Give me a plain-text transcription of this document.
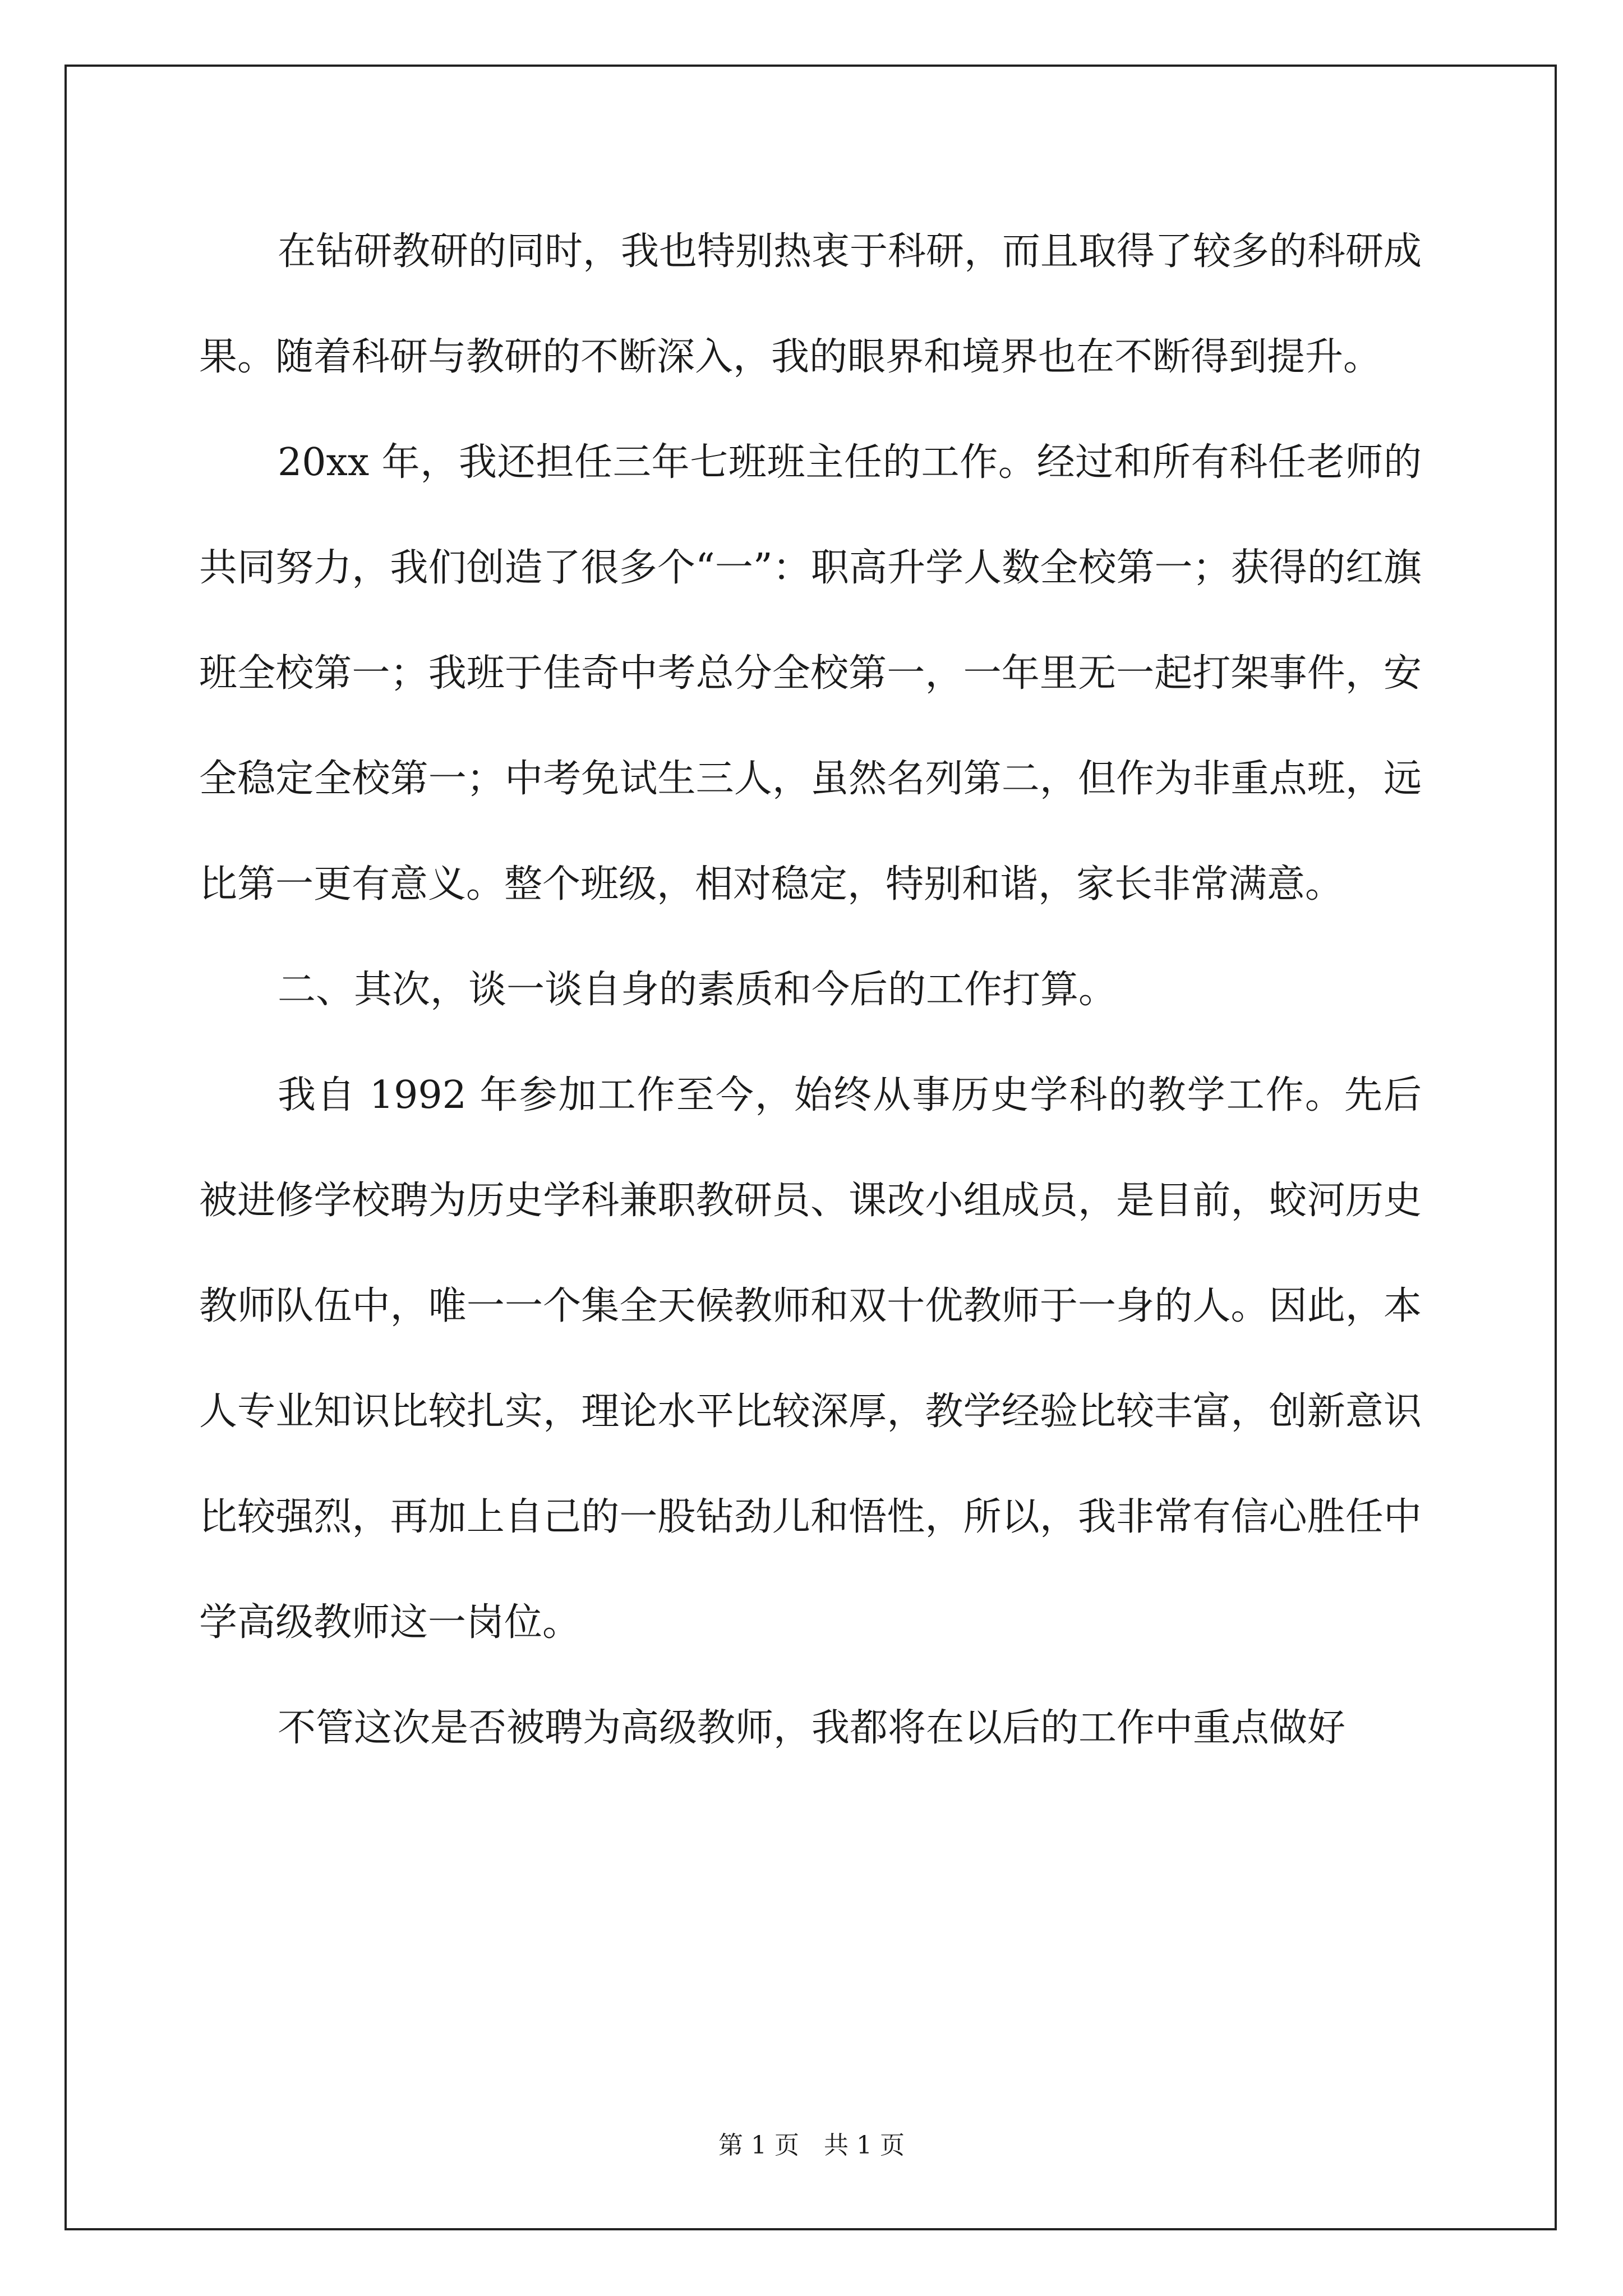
在钻研教研的同时，我也特别热衷于科研，而且取得了较多的科研成果。随着科研与教研的不断深入，我的眼界和境界也在不断得到提升。

20xx 年，我还担任三年七班班主任的工作。经过和所有科任老师的共同努力，我们创造了很多个“一”：职高升学人数全校第一；获得的红旗班全校第一；我班于佳奇中考总分全校第一，一年里无一起打架事件，安全稳定全校第一；中考免试生三人，虽然名列第二，但作为非重点班，远比第一更有意义。整个班级，相对稳定，特别和谐，家长非常满意。

二、其次，谈一谈自身的素质和今后的工作打算。

我自 1992 年参加工作至今，始终从事历史学科的教学工作。先后被进修学校聘为历史学科兼职教研员、课改小组成员，是目前，蛟河历史教师队伍中，唯一一个集全天候教师和双十优教师于一身的人。因此，本人专业知识比较扎实，理论水平比较深厚，教学经验比较丰富，创新意识比较强烈，再加上自己的一股钻劲儿和悟性，所以，我非常有信心胜任中学高级教师这一岗位。

不管这次是否被聘为高级教师，我都将在以后的工作中重点做好

第 1 页　共 1 页
